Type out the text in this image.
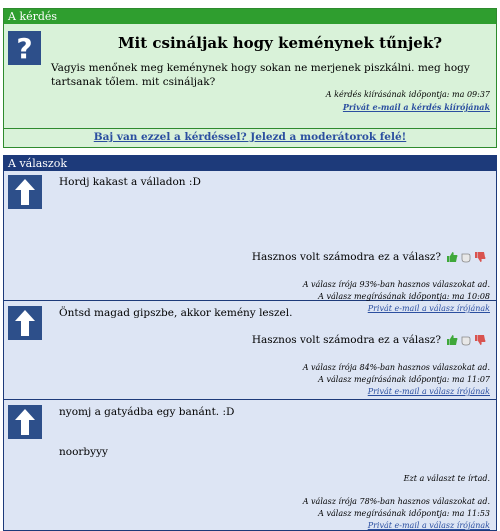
A kérdés
?	Mit csináljak hogy keménynek tűnjek?
Vagyis menőnek meg keménynek hogy sokan ne merjenek piszkálni. meg hogy tartsanak tőlem. mit csináljak?
A kérdés kiírásának időpontja: ma 09:37
Privát e-mail a kérdés kiírójának
Baj van ezzel a kérdéssel? Jelezd a moderátorok felé!
A válaszok
Hordj kakast a válladon :D
Hasznos volt számodra ez a válasz?
A válasz írója 93%-ban hasznos válaszokat ad.
A válasz megírásának időpontja: ma 10:08
Privát e-mail a válasz írójának
Öntsd magad gipszbe, akkor kemény leszel.
Hasznos volt számodra ez a válasz?
A válasz írója 84%-ban hasznos válaszokat ad.
A válasz megírásának időpontja: ma 11:07
Privát e-mail a válasz írójának
nyomj a gatyádba egy banánt. :D
noorbyyy
Ezt a választ te írtad.
A válasz írója 78%-ban hasznos válaszokat ad.
A válasz megírásának időpontja: ma 11:53
Privát e-mail a válasz írójának
